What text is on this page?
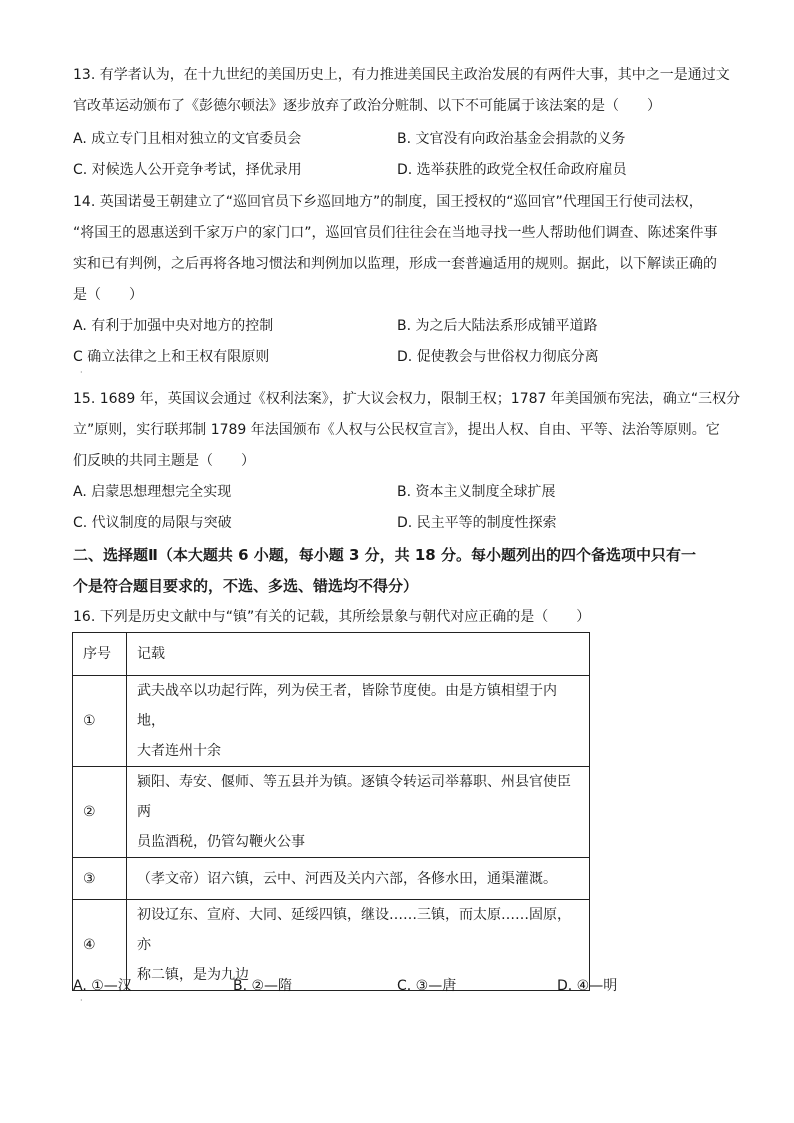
13. 有学者认为，在十九世纪的美国历史上，有力推进美国民主政治发展的有两件大事，其中之一是通过文
官改革运动颁布了《彭德尔顿法》逐步放弃了政治分赃制、以下不可能属于该法案的是（　　）
A. 成立专门且相对独立的文官委员会	B. 文官没有向政治基金会捐款的义务
C. 对候选人公开竞争考试，择优录用	D. 选举获胜的政党全权任命政府雇员
14. 英国诺曼王朝建立了“巡回官员下乡巡回地方”的制度，国王授权的“巡回官”代理国王行使司法权，
“将国王的恩惠送到千家万户的家门口”，巡回官员们往往会在当地寻找一些人帮助他们调查、陈述案件事
实和已有判例，之后再将各地习惯法和判例加以监理，形成一套普遍适用的规则。据此，以下解读正确的
是（　　）
A. 有利于加强中央对地方的控制	B. 为之后大陆法系形成铺平道路
C 确立法律之上和王权有限原则	D. 促使教会与世俗权力彻底分离
·
15. 1689 年，英国议会通过《权利法案》，扩大议会权力，限制王权；1787 年美国颁布宪法，确立“三权分
立”原则，实行联邦制 1789 年法国颁布《人权与公民权宣言》，提出人权、自由、平等、法治等原则。它
们反映的共同主题是（　　）
A. 启蒙思想理想完全实现	B. 资本主义制度全球扩展
C. 代议制度的局限与突破	D. 民主平等的制度性探索
二、选择题Ⅱ（本大题共 6 小题，每小题 3 分，共 18 分。每小题列出的四个备选项中只有一
个是符合题目要求的，不选、多选、错选均不得分）
16. 下列是历史文献中与“镇”有关的记载，其所绘景象与朝代对应正确的是（　　）
序号	记载
①	武夫战卒以功起行阵，列为侯王者，皆除节度使。由是方镇相望于内地，
大者连州十余

②	颍阳、寿安、偃师、等五县并为镇。逐镇令转运司举幕职、州县官使臣两
员监酒税，仍管勾鞭火公事

③	（孝文帝）诏六镇，云中、河西及关内六部，各修水田，通渠灌溉。

④	初设辽东、宣府、大同、延绥四镇，继设……三镇，而太原……固原，亦
称二镇，是为九边
A. ①—汉	B. ②—隋	C. ③—唐	D. ④—明
·
